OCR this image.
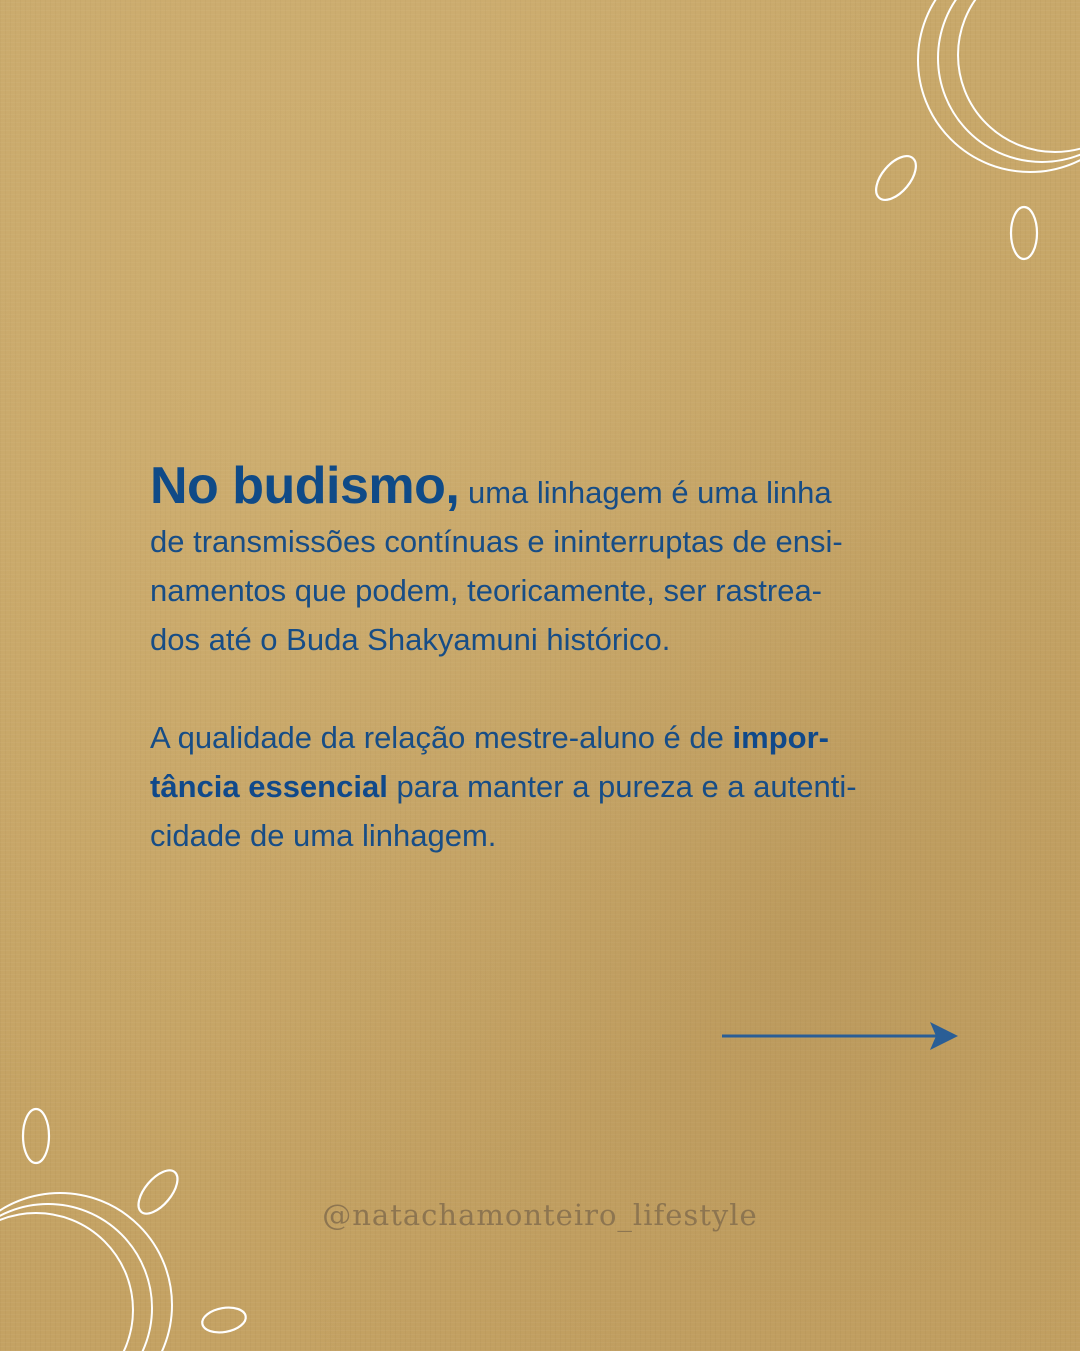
No budismo, uma linhagem é uma linha
de transmissões contínuas e ininterruptas de ensi-
namentos que podem, teoricamente, ser rastrea-
dos até o Buda Shakyamuni histórico.

A qualidade da relação mestre-aluno é de impor-
tância essencial para manter a pureza e a autenti-
cidade de uma linhagem.

@natachamonteiro_lifestyle
